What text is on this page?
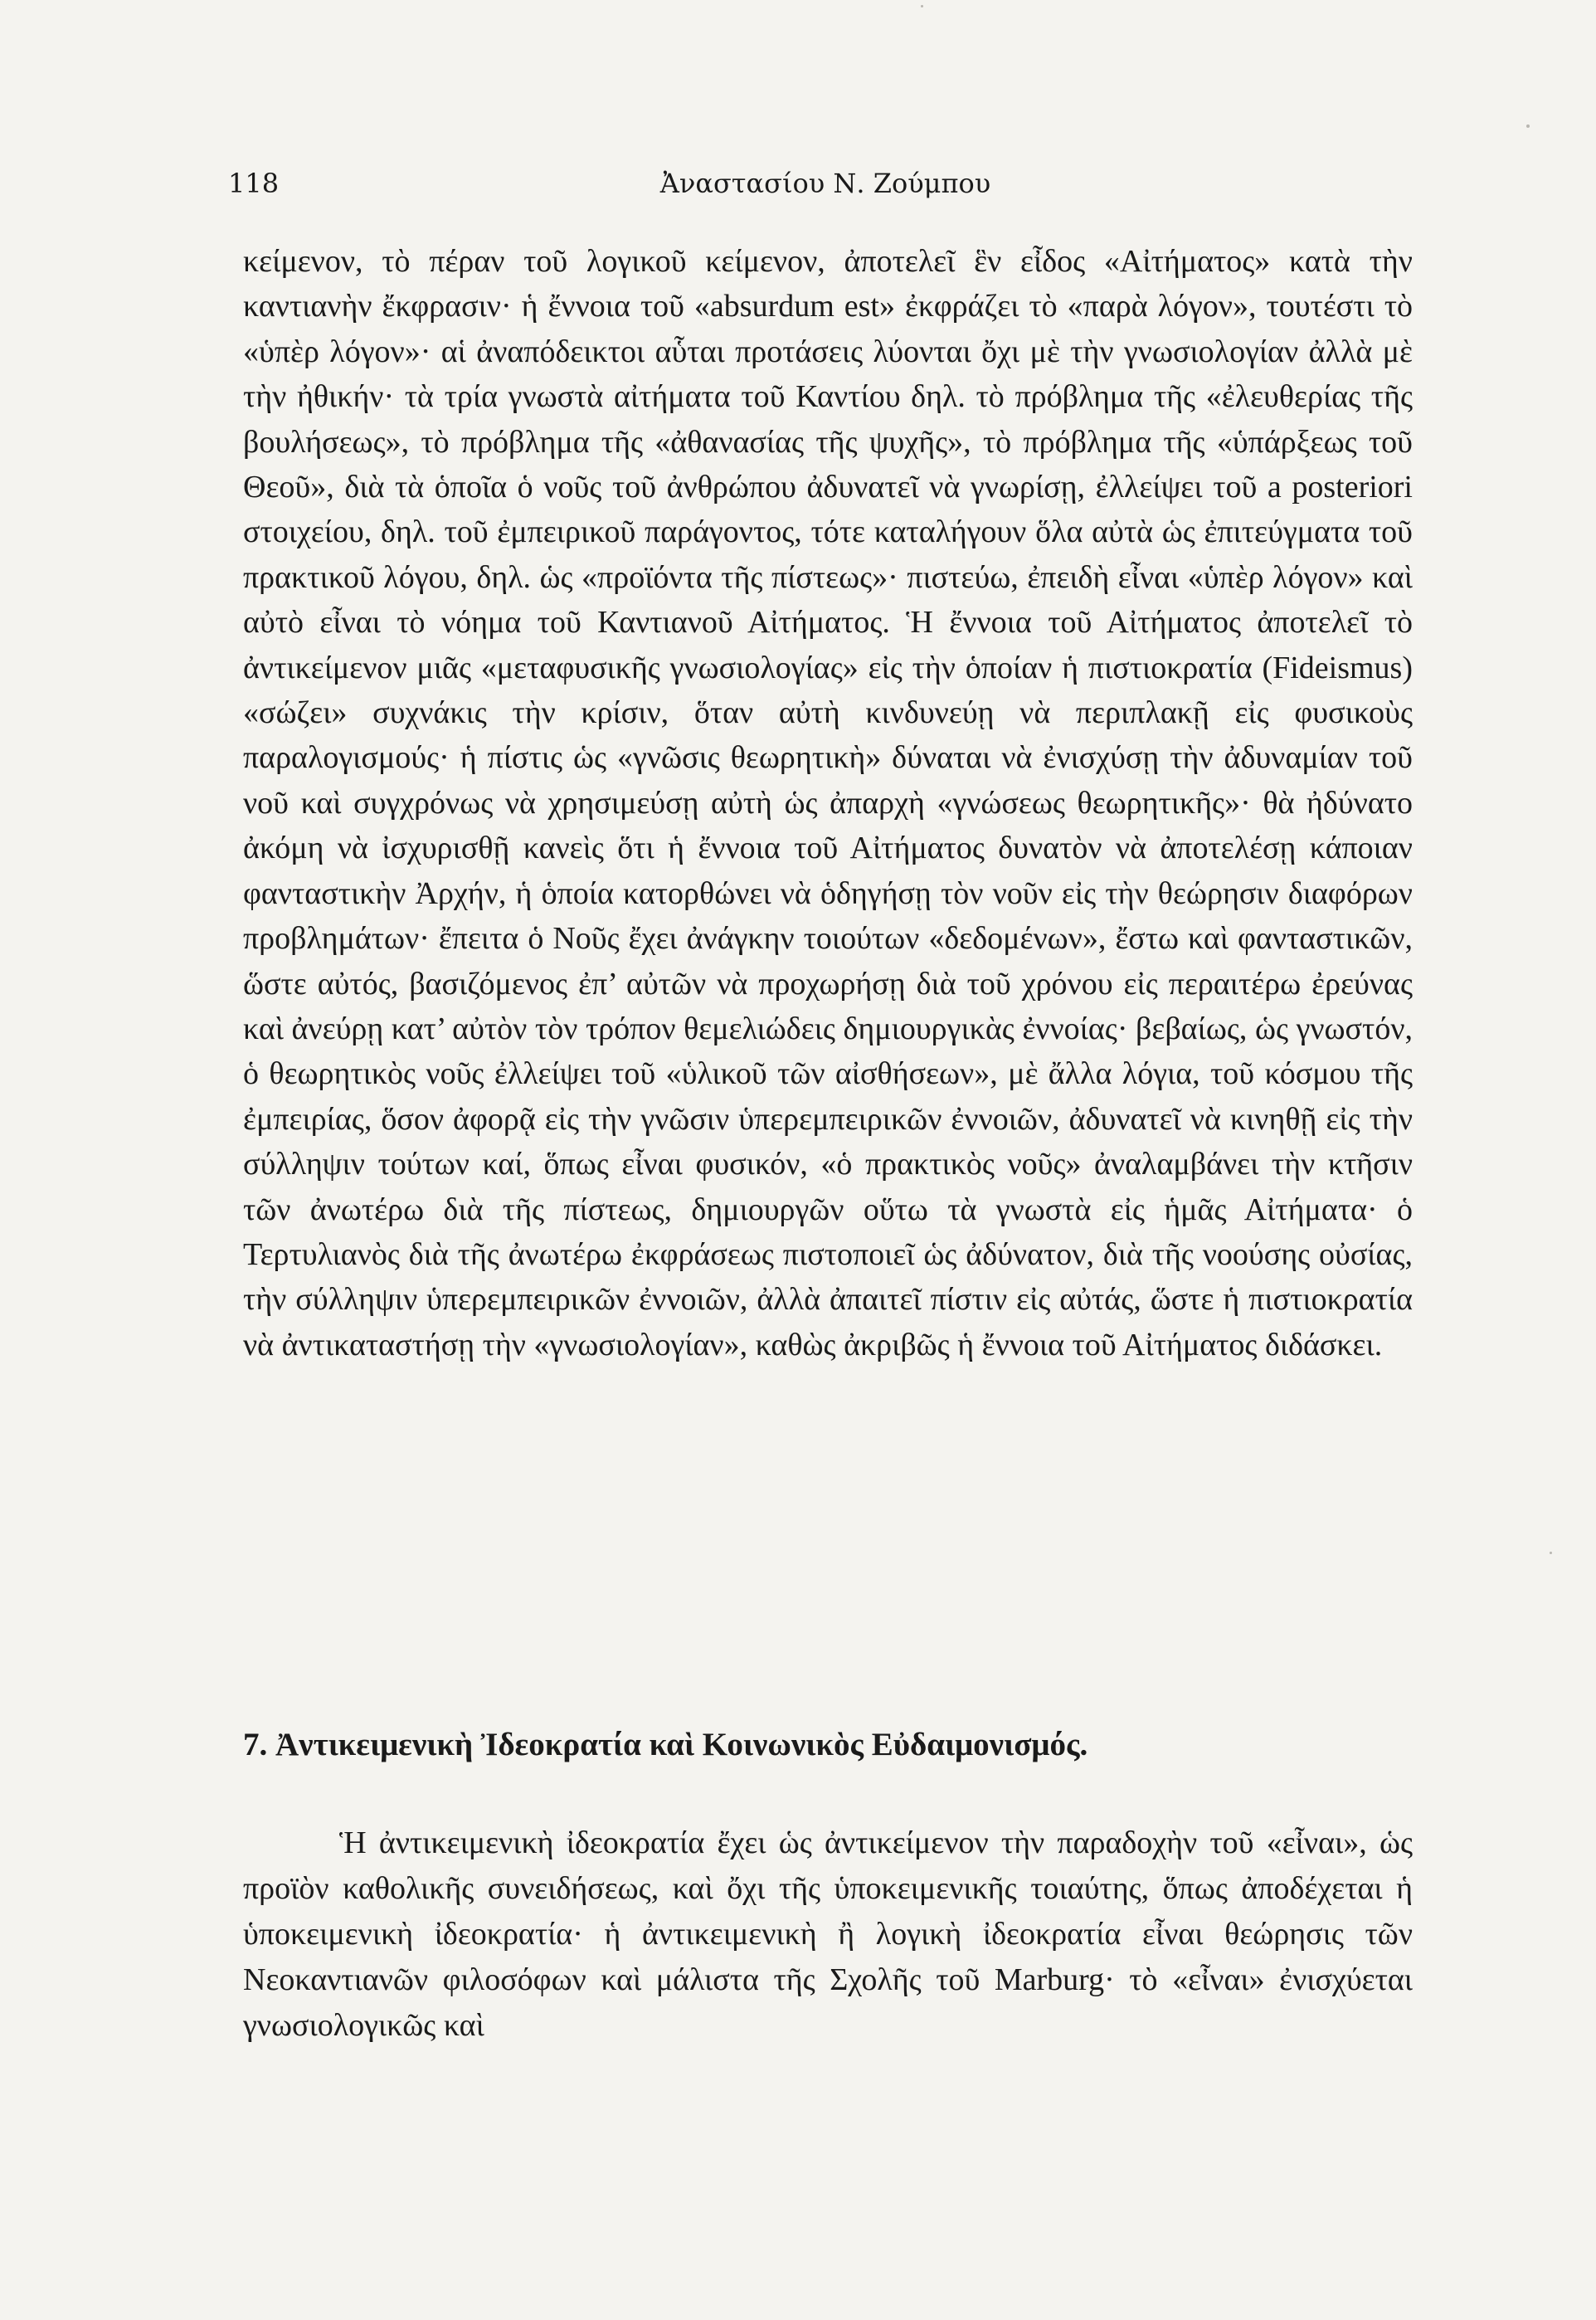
118	Ἀναστασίου Ν. Ζούμπου

κείμενον, τὸ πέραν τοῦ λογικοῦ κείμενον, ἀποτελεῖ ἓν εἶδος «Αἰτήματος» κατὰ τὴν καντιανὴν ἔκφρασιν· ἡ ἔννοια τοῦ «absurdum est» ἐκφράζει τὸ «παρὰ λόγον», τουτέστι τὸ «ὑπὲρ λόγον»· αἱ ἀναπόδεικτοι αὗται προτάσεις λύονται ὄχι μὲ τὴν γνωσιολογίαν ἀλλὰ μὲ τὴν ἠθικήν· τὰ τρία γνωστὰ αἰτήματα τοῦ Καντίου δηλ. τὸ πρόβλημα τῆς «ἐλευθερίας τῆς βουλήσεως», τὸ πρόβλημα τῆς «ἀθανασίας τῆς ψυχῆς», τὸ πρόβλημα τῆς «ὑπάρξεως τοῦ Θεοῦ», διὰ τὰ ὁποῖα ὁ νοῦς τοῦ ἀνθρώπου ἀδυνατεῖ νὰ γνωρίσῃ, ἐλλείψει τοῦ a posteriori στοιχείου, δηλ. τοῦ ἐμπειρικοῦ παράγοντος, τότε καταλήγουν ὅλα αὐτὰ ὡς ἐπιτεύγματα τοῦ πρακτικοῦ λόγου, δηλ. ὡς «προϊόντα τῆς πίστεως»· πιστεύω, ἐπειδὴ εἶναι «ὑπὲρ λόγον» καὶ αὐτὸ εἶναι τὸ νόημα τοῦ Καντιανοῦ Αἰτήματος. Ἡ ἔννοια τοῦ Αἰτήματος ἀποτελεῖ τὸ ἀντικείμενον μιᾶς «μεταφυσικῆς γνωσιολογίας» εἰς τὴν ὁποίαν ἡ πιστιοκρατία (Fideismus) «σώζει» συχνάκις τὴν κρίσιν, ὅταν αὐτὴ κινδυνεύῃ νὰ περιπλακῇ εἰς φυσικοὺς παραλογισμούς· ἡ πίστις ὡς «γνῶσις θεωρητικὴ» δύναται νὰ ἐνισχύσῃ τὴν ἀδυναμίαν τοῦ νοῦ καὶ συγχρόνως νὰ χρησιμεύσῃ αὐτὴ ὡς ἀπαρχὴ «γνώσεως θεωρητικῆς»· θὰ ἠδύνατο ἀκόμη νὰ ἰσχυρισθῇ κανεὶς ὅτι ἡ ἔννοια τοῦ Αἰτήματος δυνατὸν νὰ ἀποτελέσῃ κάποιαν φανταστικὴν Ἀρχήν, ἡ ὁποία κατορθώνει νὰ ὁδηγήσῃ τὸν νοῦν εἰς τὴν θεώρησιν διαφόρων προβλημάτων· ἔπειτα ὁ Νοῦς ἔχει ἀνάγκην τοιούτων «δεδομένων», ἔστω καὶ φανταστικῶν, ὥστε αὐτός, βασιζόμενος ἐπ’ αὐτῶν νὰ προχωρήσῃ διὰ τοῦ χρόνου εἰς περαιτέρω ἐρεύνας καὶ ἀνεύρῃ κατ’ αὐτὸν τὸν τρόπον θεμελιώδεις δημιουργικὰς ἐννοίας· βεβαίως, ὡς γνωστόν, ὁ θεωρητικὸς νοῦς ἐλλείψει τοῦ «ὑλικοῦ τῶν αἰσθήσεων», μὲ ἄλλα λόγια, τοῦ κόσμου τῆς ἐμπειρίας, ὅσον ἀφορᾷ εἰς τὴν γνῶσιν ὑπερεμπειρικῶν ἐννοιῶν, ἀδυνατεῖ νὰ κινηθῇ εἰς τὴν σύλληψιν τούτων καί, ὅπως εἶναι φυσικόν, «ὁ πρακτικὸς νοῦς» ἀναλαμβάνει τὴν κτῆσιν τῶν ἀνωτέρω διὰ τῆς πίστεως, δημιουργῶν οὕτω τὰ γνωστὰ εἰς ἡμᾶς Αἰτήματα· ὁ Τερτυλιανὸς διὰ τῆς ἀνωτέρω ἐκφράσεως πιστοποιεῖ ὡς ἀδύνατον, διὰ τῆς νοούσης οὐσίας, τὴν σύλληψιν ὑπερεμπειρικῶν ἐννοιῶν, ἀλλὰ ἀπαιτεῖ πίστιν εἰς αὐτάς, ὥστε ἡ πιστιοκρατία νὰ ἀντικαταστήσῃ τὴν «γνωσιολογίαν», καθὼς ἀκριβῶς ἡ ἔννοια τοῦ Αἰτήματος διδάσκει.

7. Ἀντικειμενικὴ Ἰδεοκρατία καὶ Κοινωνικὸς Εὐδαιμονισμός.

Ἡ ἀντικειμενικὴ ἰδεοκρατία ἔχει ὡς ἀντικείμενον τὴν παραδοχὴν τοῦ «εἶναι», ὡς προϊὸν καθολικῆς συνειδήσεως, καὶ ὄχι τῆς ὑποκειμενικῆς τοιαύτης, ὅπως ἀποδέχεται ἡ ὑποκειμενικὴ ἰδεοκρατία· ἡ ἀντικειμενικὴ ἢ λογικὴ ἰδεοκρατία εἶναι θεώρησις τῶν Νεοκαντιανῶν φιλοσόφων καὶ μάλιστα τῆς Σχολῆς τοῦ Marburg· τὸ «εἶναι» ἐνισχύεται γνωσιολογικῶς καὶ
